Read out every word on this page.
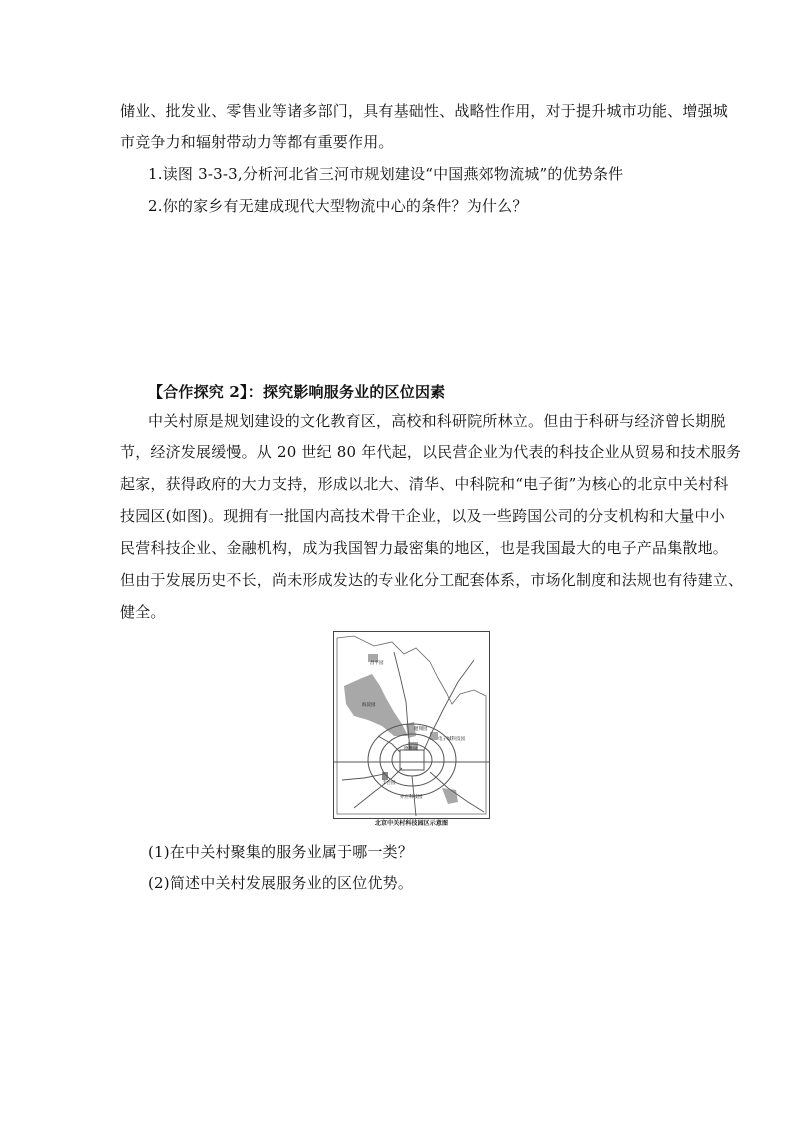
储业、批发业、零售业等诸多部门，具有基础性、战略性作用，对于提升城市功能、增强城
市竞争力和辐射带动力等都有重要作用。
1.读图 3-3-3,分析河北省三河市规划建设“中国燕郊物流城”的优势条件
2.你的家乡有无建成现代大型物流中心的条件？为什么？
【合作探究 2】：探究影响服务业的区位因素
中关村原是规划建设的文化教育区，高校和科研院所林立。但由于科研与经济曾长期脱
节，经济发展缓慢。从 20 世纪 80 年代起，以民营企业为代表的科技企业从贸易和技术服务
起家，获得政府的大力支持，形成以北大、清华、中科院和“电子街”为核心的北京中关村科
技园区(如图)。现拥有一批国内高技术骨干企业，以及一些跨国公司的分支机构和大量中小
民营科技企业、金融机构，成为我国智力最密集的地区，也是我国最大的电子产品集散地。
但由于发展历史不长，尚未形成发达的专业化分工配套体系，市场化制度和法规也有待建立、
健全。
昌平园
海淀园
健翔园
电子城科技园
德胜园
丰台园
亦庄科技园
北京中关村科技园区示意图
(1)在中关村聚集的服务业属于哪一类？
(2)简述中关村发展服务业的区位优势。
